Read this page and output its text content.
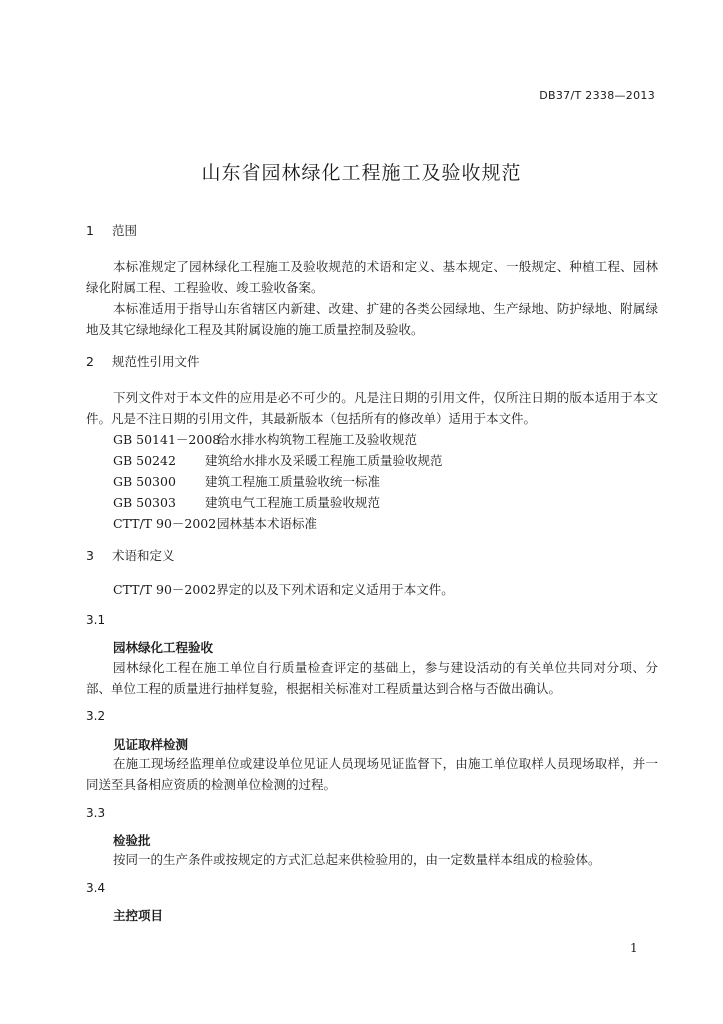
DB37/T 2338—2013
山东省园林绿化工程施工及验收规范
1 范围
本标准规定了园林绿化工程施工及验收规范的术语和定义、基本规定、一般规定、种植工程、园林绿化附属工程、工程验收、竣工验收备案。
本标准适用于指导山东省辖区内新建、改建、扩建的各类公园绿地、生产绿地、防护绿地、附属绿地及其它绿地绿化工程及其附属设施的施工质量控制及验收。
2 规范性引用文件
下列文件对于本文件的应用是必不可少的。凡是注日期的引用文件，仅所注日期的版本适用于本文件。凡是不注日期的引用文件，其最新版本（包括所有的修改单）适用于本文件。
GB 50141－2008 给水排水构筑物工程施工及验收规范
GB 50242 建筑给水排水及采暖工程施工质量验收规范
GB 50300 建筑工程施工质量验收统一标准
GB 50303 建筑电气工程施工质量验收规范
CTT/T 90－2002 园林基本术语标准
3 术语和定义
CTT/T 90－2002界定的以及下列术语和定义适用于本文件。
3.1
园林绿化工程验收
园林绿化工程在施工单位自行质量检查评定的基础上，参与建设活动的有关单位共同对分项、分部、单位工程的质量进行抽样复验，根据相关标准对工程质量达到合格与否做出确认。
3.2
见证取样检测
在施工现场经监理单位或建设单位见证人员现场见证监督下，由施工单位取样人员现场取样，并一同送至具备相应资质的检测单位检测的过程。
3.3
检验批
按同一的生产条件或按规定的方式汇总起来供检验用的，由一定数量样本组成的检验体。
3.4
主控项目
1
